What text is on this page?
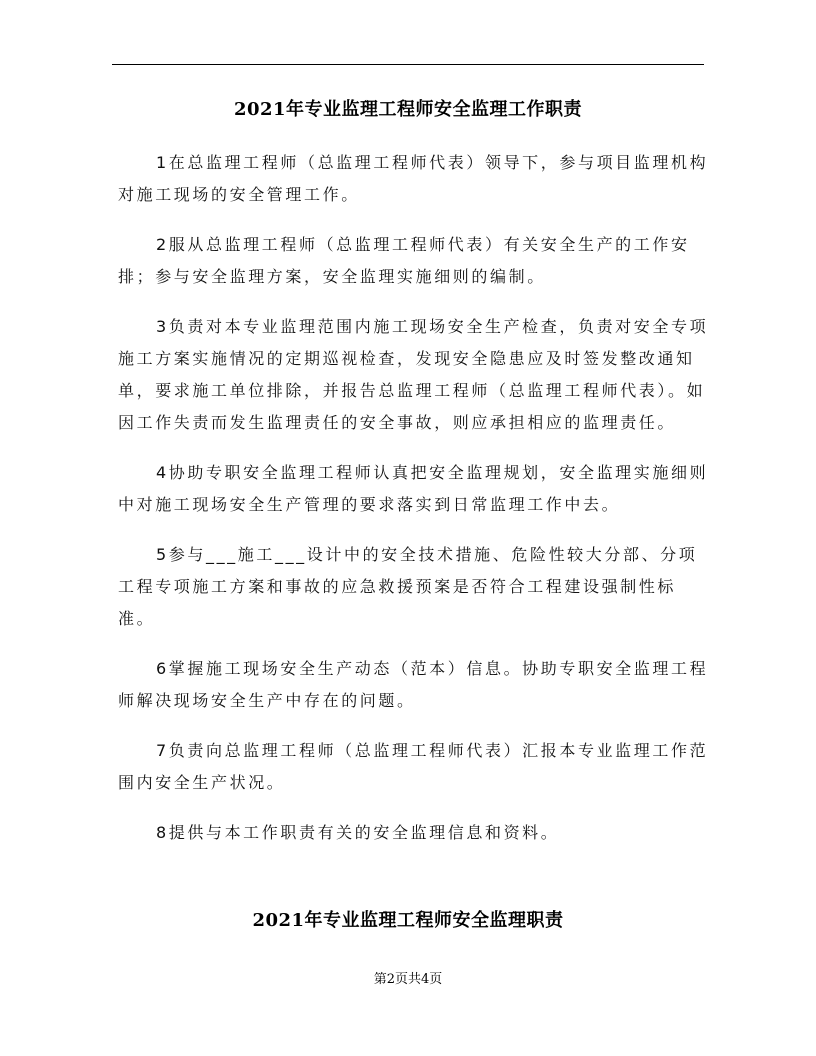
2021年专业监理工程师安全监理工作职责

1在总监理工程师（总监理工程师代表）领导下，参与项目监理机构对施工现场的安全管理工作。

2服从总监理工程师（总监理工程师代表）有关安全生产的工作安排；参与安全监理方案，安全监理实施细则的编制。

3负责对本专业监理范围内施工现场安全生产检查，负责对安全专项施工方案实施情况的定期巡视检查，发现安全隐患应及时签发整改通知单，要求施工单位排除，并报告总监理工程师（总监理工程师代表）。如因工作失责而发生监理责任的安全事故，则应承担相应的监理责任。

4协助专职安全监理工程师认真把安全监理规划，安全监理实施细则中对施工现场安全生产管理的要求落实到日常监理工作中去。

5参与___施工___设计中的安全技术措施、危险性较大分部、分项工程专项施工方案和事故的应急救援预案是否符合工程建设强制性标准。

6掌握施工现场安全生产动态（范本）信息。协助专职安全监理工程师解决现场安全生产中存在的问题。

7负责向总监理工程师（总监理工程师代表）汇报本专业监理工作范围内安全生产状况。

8提供与本工作职责有关的安全监理信息和资料。

2021年专业监理工程师安全监理职责
第2页共4页
